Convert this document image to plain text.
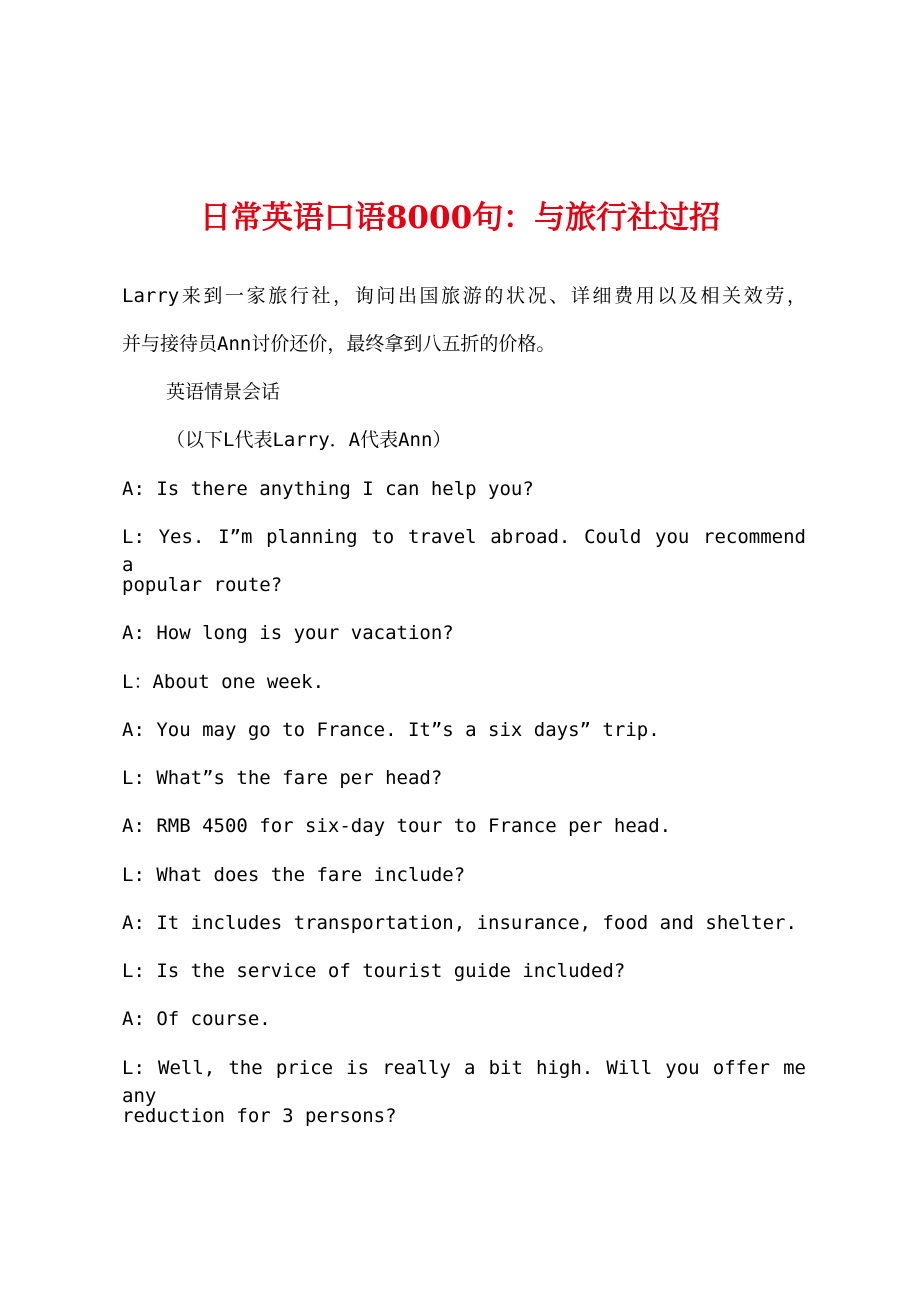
日常英语口语8000句：与旅行社过招
Larry来到一家旅行社，询问出国旅游的状况、详细费用以及相关效劳，
并与接待员Ann讨价还价，最终拿到八五折的价格。
英语情景会话
（以下L代表Larry．A代表Ann）
A: Is there anything I can help you?
L: Yes. I”m planning to travel abroad. Could you recommend a
popular route?
A: How long is your vacation?
L：About one week.
A: You may go to France. It”s a six days” trip.
L: What”s the fare per head?
A: RMB 4500 for six-day tour to France per head.
L: What does the fare include?
A: It includes transportation, insurance, food and shelter.
L: Is the service of tourist guide included?
A: Of course.
L: Well, the price is really a bit high. Will you offer me any
reduction for 3 persons?
